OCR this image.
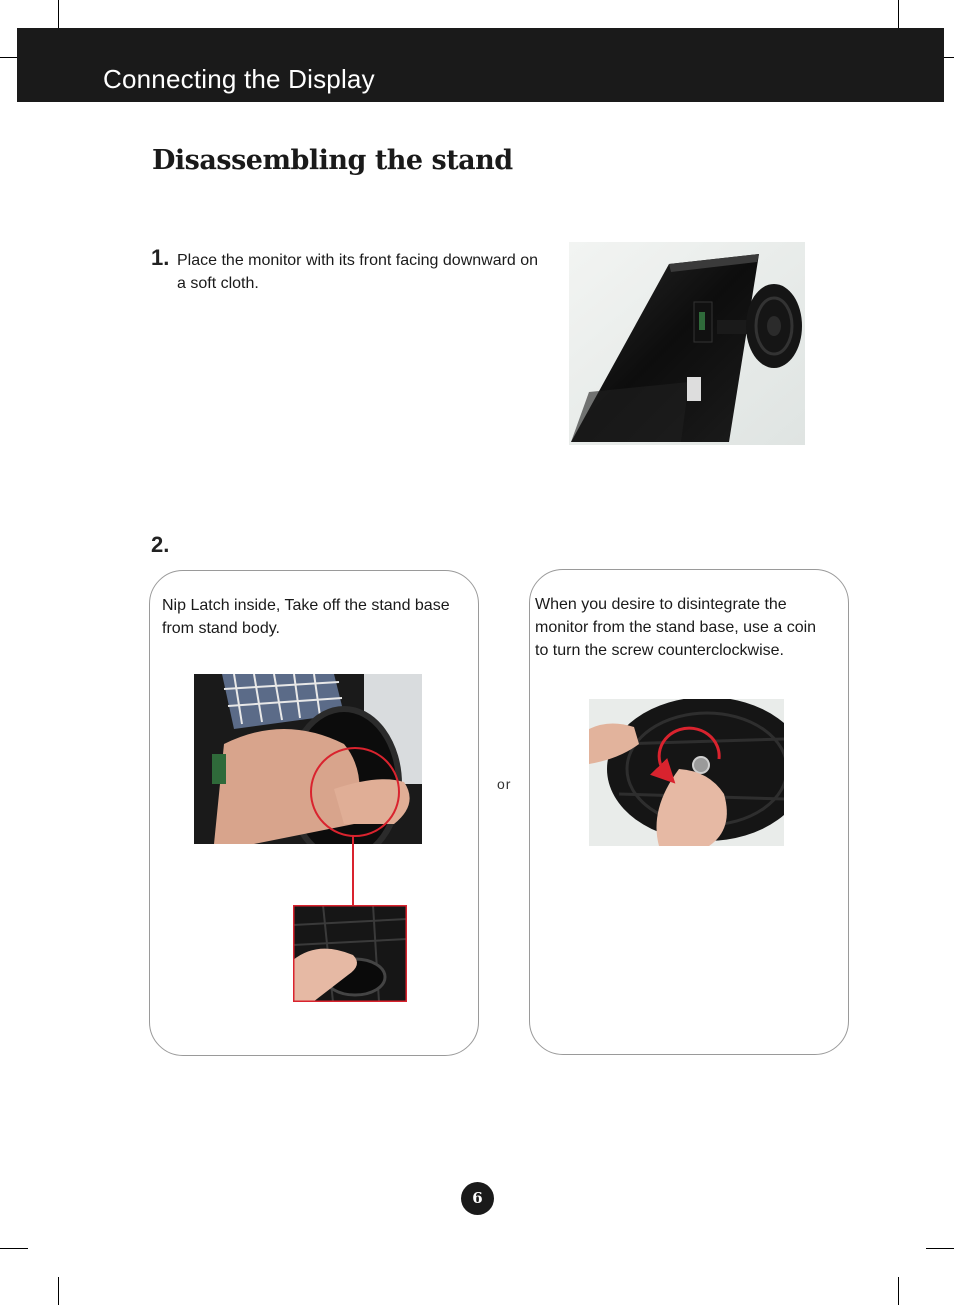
Connecting the Display
Disassembling the stand
1. Place the monitor with its front facing downward on a soft cloth.
2.
Nip Latch inside, Take off the stand base from stand body.
or
When you desire to disintegrate the monitor from the stand base, use a coin to turn the screw counterclockwise.
6
